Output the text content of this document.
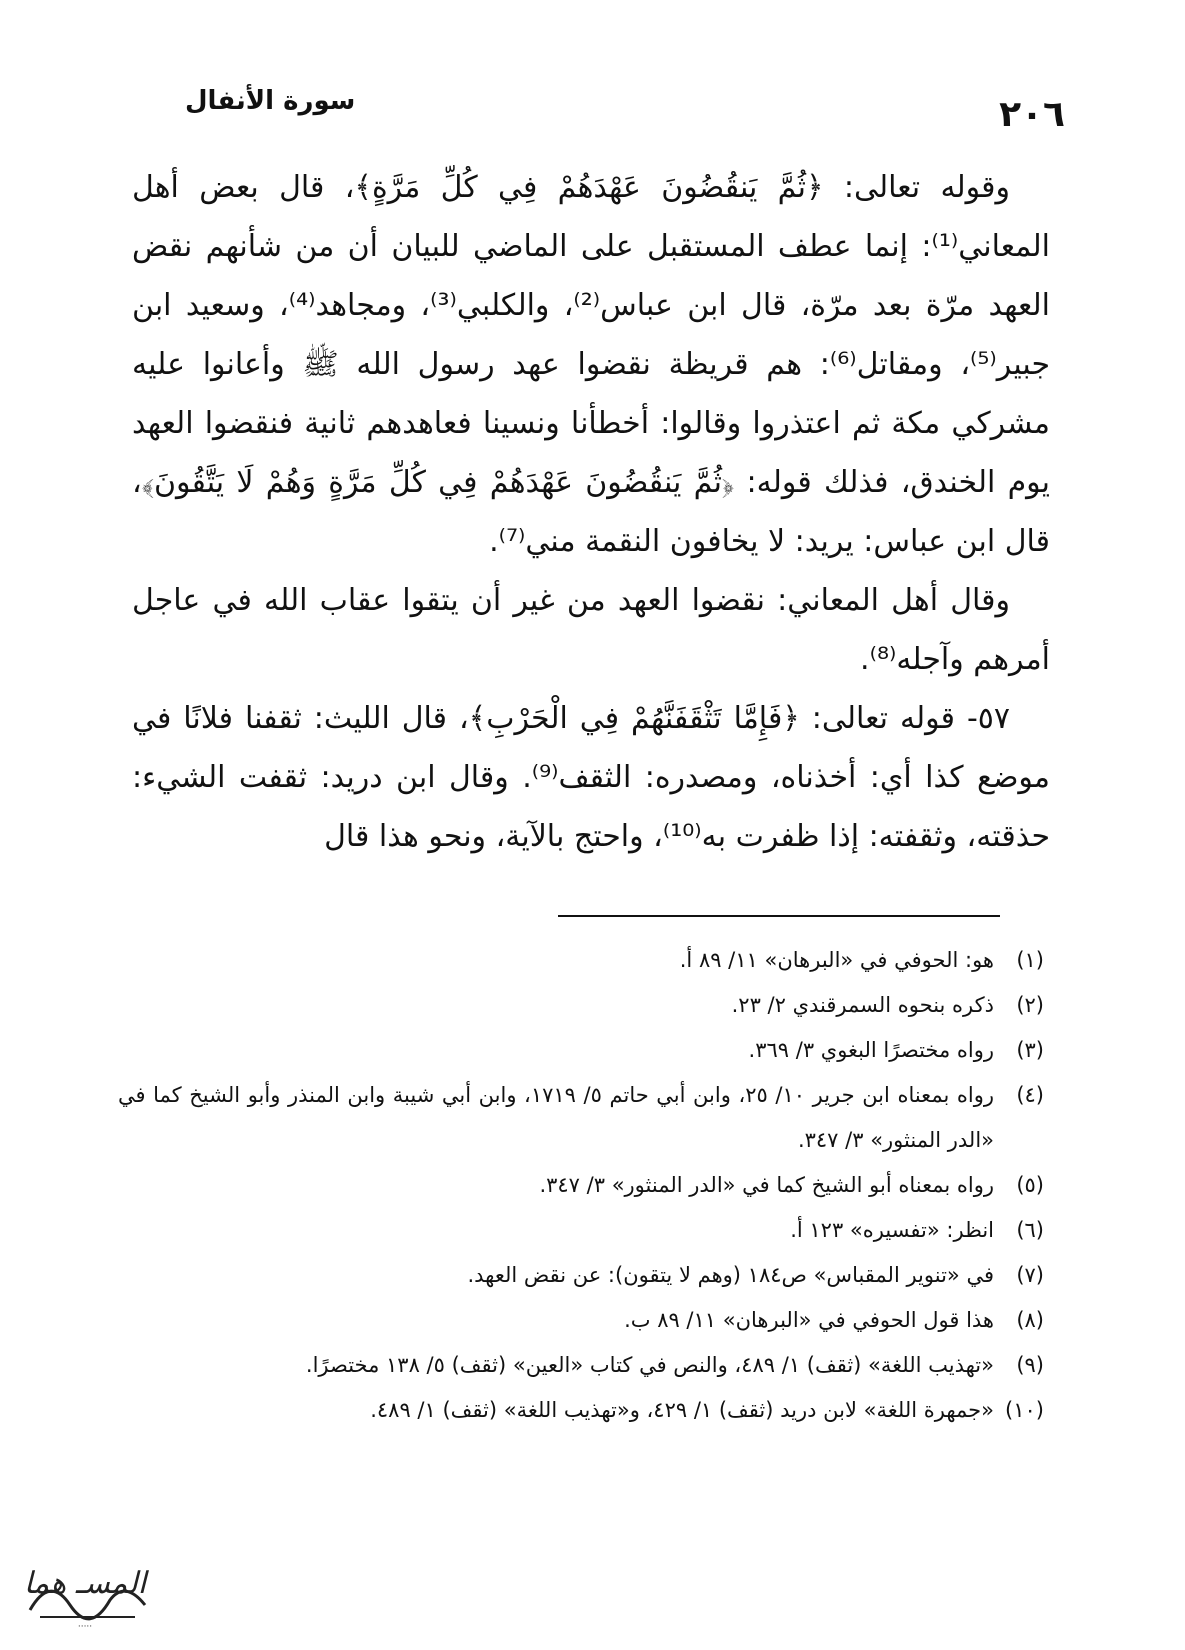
٢٠٦
سورة الأنفال

وقوله تعالى: ﴿ثُمَّ يَنقُضُونَ عَهْدَهُمْ فِي كُلِّ مَرَّةٍ﴾، قال بعض أهل المعاني⁽¹⁾: إنما عطف المستقبل على الماضي للبيان أن من شأنهم نقض العهد مرّة بعد مرّة، قال ابن عباس⁽²⁾، والكلبي⁽³⁾، ومجاهد⁽⁴⁾، وسعيد ابن جبير⁽⁵⁾، ومقاتل⁽⁶⁾: هم قريظة نقضوا عهد رسول الله ﷺ وأعانوا عليه مشركي مكة ثم اعتذروا وقالوا: أخطأنا ونسينا فعاهدهم ثانية فنقضوا العهد يوم الخندق، فذلك قوله: ﴿ثُمَّ يَنقُضُونَ عَهْدَهُمْ فِي كُلِّ مَرَّةٍ وَهُمْ لَا يَتَّقُونَ﴾، قال ابن عباس: يريد: لا يخافون النقمة مني⁽⁷⁾.

وقال أهل المعاني: نقضوا العهد من غير أن يتقوا عقاب الله في عاجل أمرهم وآجله⁽⁸⁾.

٥٧- قوله تعالى: ﴿فَإِمَّا تَثْقَفَنَّهُمْ فِي الْحَرْبِ﴾، قال الليث: ثقفنا فلانًا في موضع كذا أي: أخذناه، ومصدره: الثقف⁽⁹⁾. وقال ابن دريد: ثقفت الشيء: حذقته، وثقفته: إذا ظفرت به⁽¹⁰⁾، واحتج بالآية، ونحو هذا قال

(١)
هو: الحوفي في «البرهان» ١١/ ٨٩ أ.
(٢)
ذكره بنحوه السمرقندي ٢/ ٢٣.
(٣)
رواه مختصرًا البغوي ٣/ ٣٦٩.
(٤)
رواه بمعناه ابن جرير ١٠/ ٢٥، وابن أبي حاتم ٥/ ١٧١٩، وابن أبي شيبة وابن المنذر وأبو الشيخ كما في «الدر المنثور» ٣/ ٣٤٧.
(٥)
رواه بمعناه أبو الشيخ كما في «الدر المنثور» ٣/ ٣٤٧.
(٦)
انظر: «تفسيره» ١٢٣ أ.
(٧)
في «تنوير المقباس» ص١٨٤ (وهم لا يتقون): عن نقض العهد.
(٨)
هذا قول الحوفي في «البرهان» ١١/ ٨٩ ب.
(٩)
«تهذيب اللغة» (ثقف) ١/ ٤٨٩، والنص في كتاب «العين» (ثقف) ٥/ ١٣٨ مختصرًا.
(١٠)
«جمهرة اللغة» لابن دريد (ثقف) ١/ ٤٢٩، و«تهذيب اللغة» (ثقف) ١/ ٤٨٩.
المسـ هما
·····
